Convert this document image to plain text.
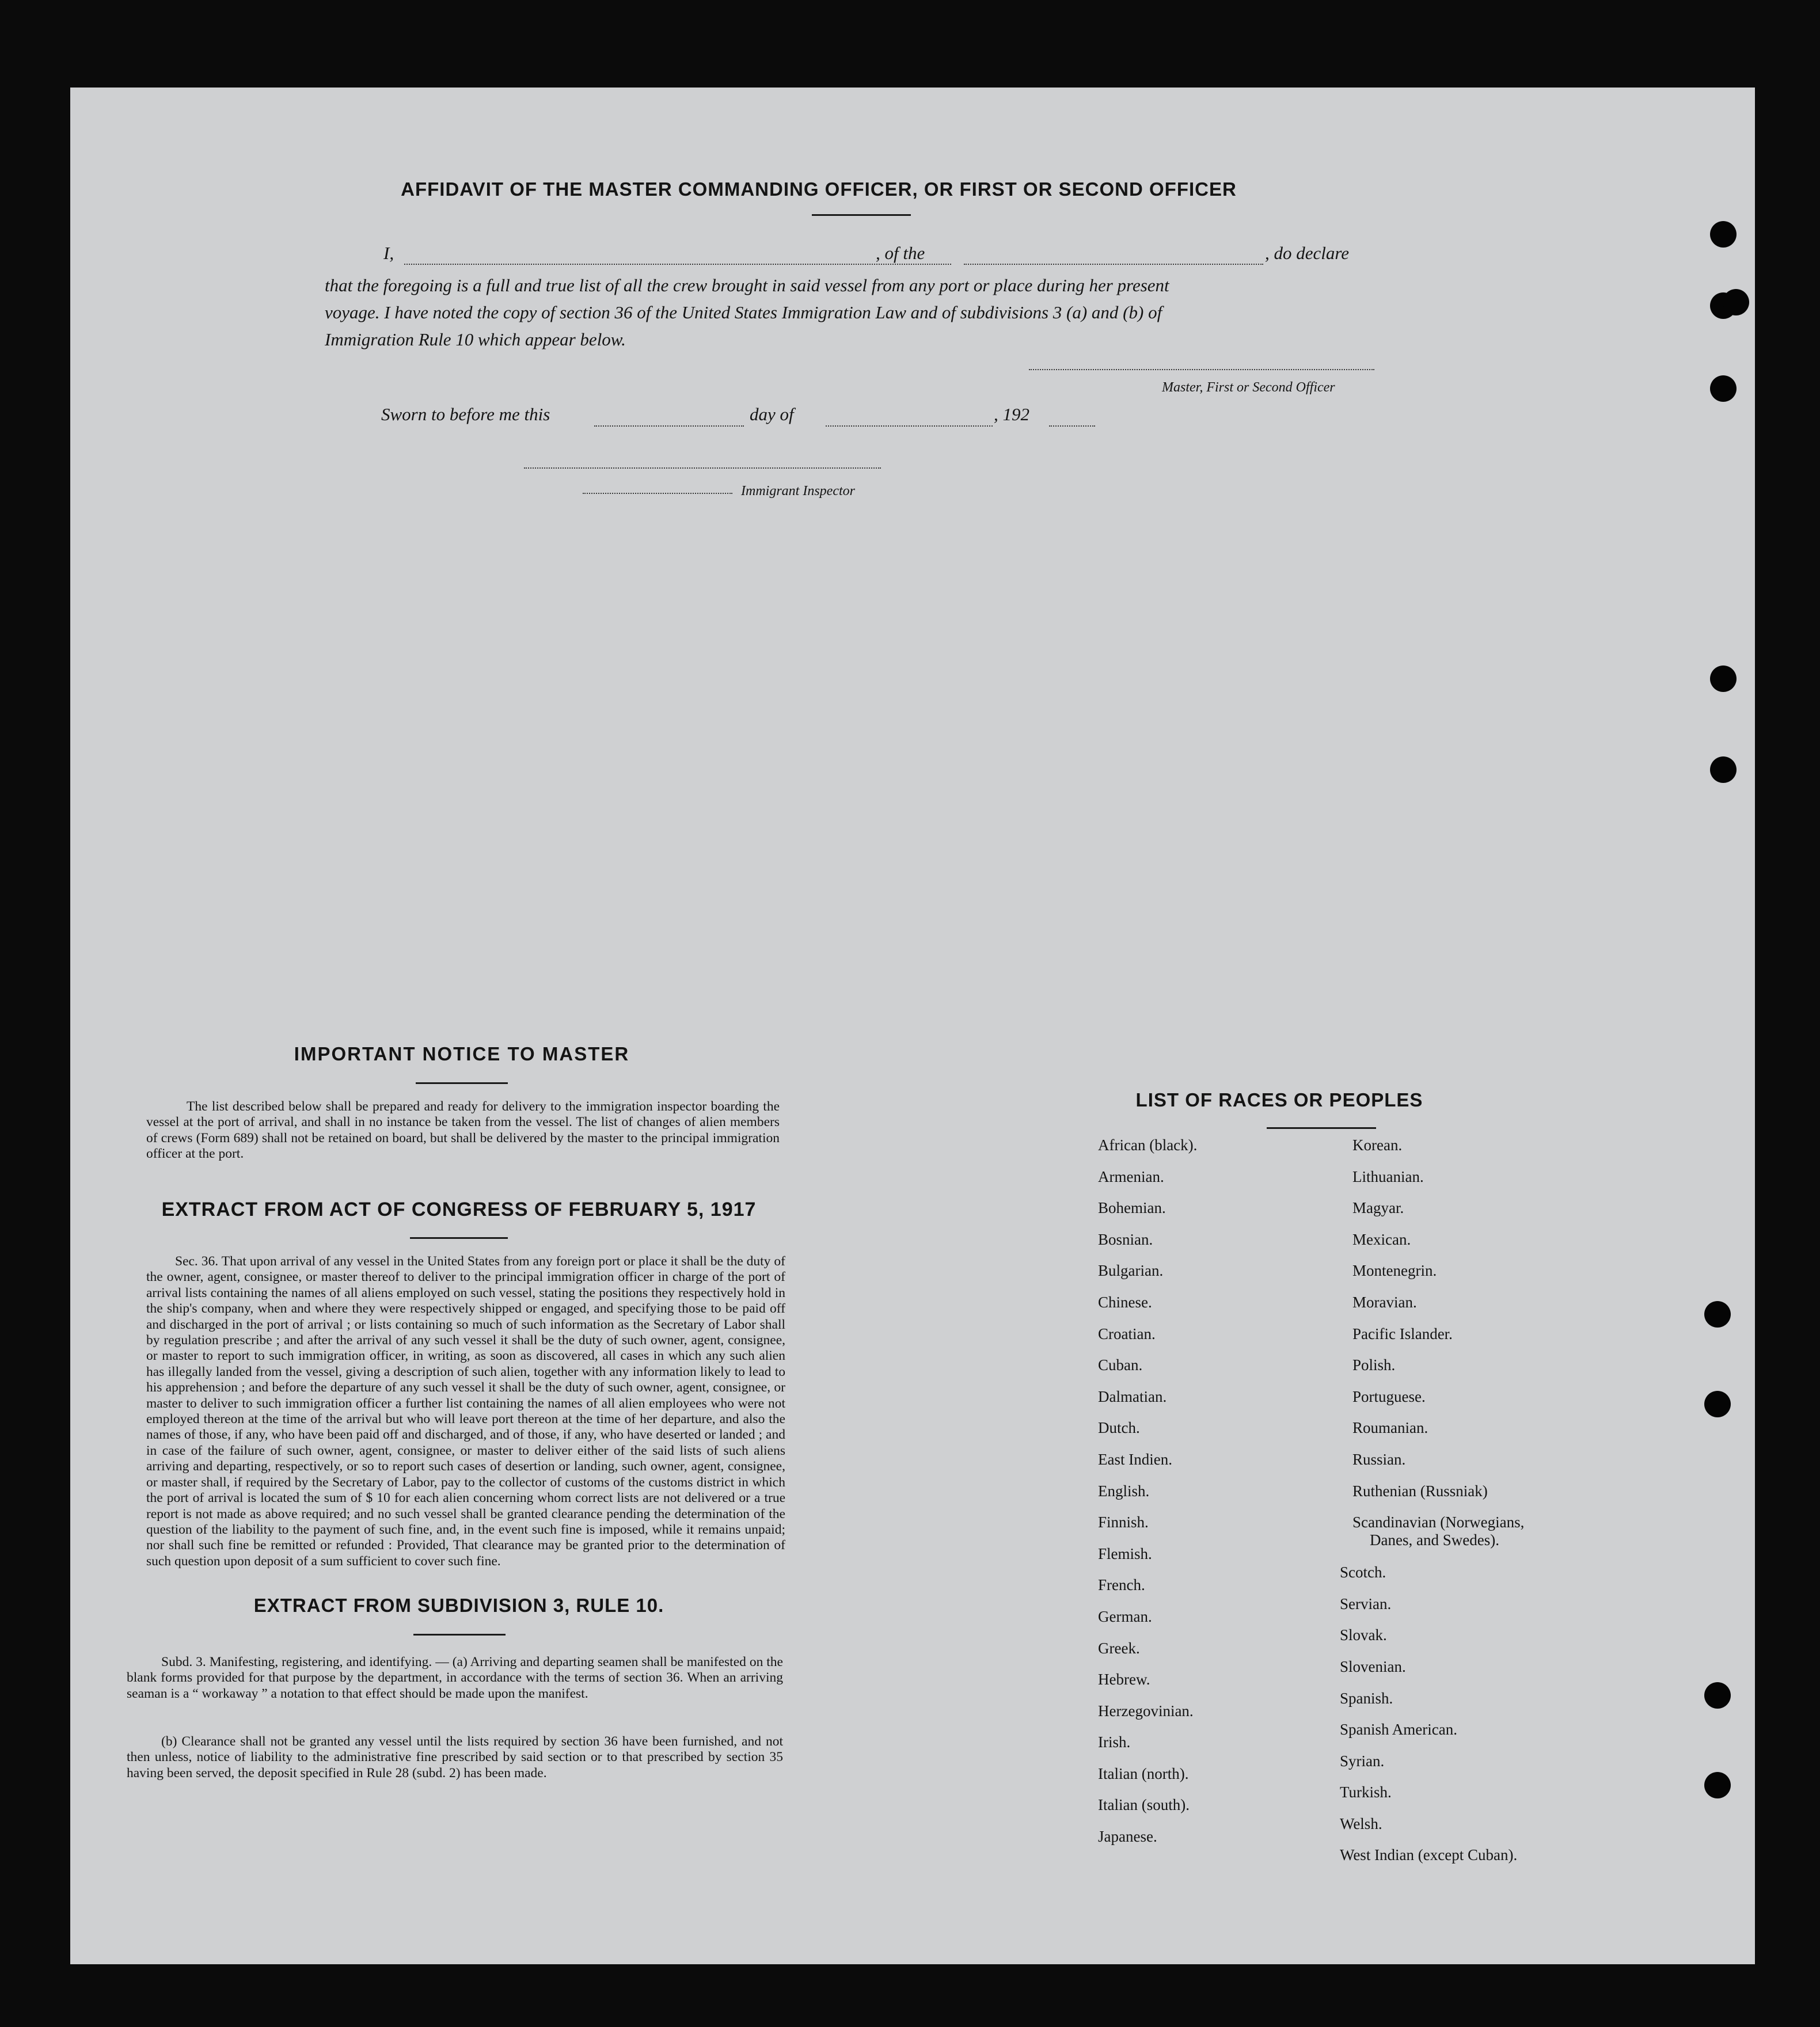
AFFIDAVIT OF THE MASTER COMMANDING OFFICER, OR FIRST OR SECOND OFFICER
I,	, of the	, do declare
that the foregoing is a full and true list of all the crew brought in said vessel from any port or place during her present
voyage. I have noted the copy of section 36 of the United States Immigration Law and of subdivisions 3 (a) and (b) of
Immigration Rule 10 which appear below.
Master, First or Second Officer
Sworn to before me this	day of	, 192
Immigrant Inspector
IMPORTANT NOTICE TO MASTER
The list described below shall be prepared and ready for delivery to the immigration inspector boarding the vessel at the port of arrival, and shall in no instance be taken from the vessel. The list of changes of alien members of crews (Form 689) shall not be retained on board, but shall be delivered by the master to the principal immigration officer at the port.
EXTRACT FROM ACT OF CONGRESS OF FEBRUARY 5, 1917
Sec. 36. That upon arrival of any vessel in the United States from any foreign port or place it shall be the duty of the owner, agent, consignee, or master thereof to deliver to the principal immigration officer in charge of the port of arrival lists containing the names of all aliens employed on such vessel, stating the positions they respectively hold in the ship's company, when and where they were respectively shipped or engaged, and specifying those to be paid off and discharged in the port of arrival ; or lists containing so much of such information as the Secretary of Labor shall by regulation prescribe ; and after the arrival of any such vessel it shall be the duty of such owner, agent, consignee, or master to report to such immigration officer, in writing, as soon as discovered, all cases in which any such alien has illegally landed from the vessel, giving a description of such alien, together with any information likely to lead to his apprehension ; and before the departure of any such vessel it shall be the duty of such owner, agent, consignee, or master to deliver to such immigration officer a further list containing the names of all alien employees who were not employed thereon at the time of the arrival but who will leave port thereon at the time of her departure, and also the names of those, if any, who have been paid off and discharged, and of those, if any, who have deserted or landed ; and in case of the failure of such owner, agent, consignee, or master to deliver either of the said lists of such aliens arriving and departing, respectively, or so to report such cases of desertion or landing, such owner, agent, consignee, or master shall, if required by the Secretary of Labor, pay to the collector of customs of the customs district in which the port of arrival is located the sum of $ 10 for each alien concerning whom correct lists are not delivered or a true report is not made as above required; and no such vessel shall be granted clearance pending the determination of the question of the liability to the payment of such fine, and, in the event such fine is imposed, while it remains unpaid; nor shall such fine be remitted or refunded : Provided, That clearance may be granted prior to the determination of such question upon deposit of a sum sufficient to cover such fine.
EXTRACT FROM SUBDIVISION 3, RULE 10.
Subd. 3. Manifesting, registering, and identifying. — (a) Arriving and departing seamen shall be manifested on the blank forms provided for that purpose by the department, in accordance with the terms of section 36. When an arriving seaman is a “ workaway ” a notation to that effect should be made upon the manifest.
(b) Clearance shall not be granted any vessel until the lists required by section 36 have been furnished, and not then unless, notice of liability to the administrative fine prescribed by said section or to that prescribed by section 35 having been served, the deposit specified in Rule 28 (subd. 2) has been made.
LIST OF RACES OR PEOPLES
African (black).
Armenian.
Bohemian.
Bosnian.
Bulgarian.
Chinese.
Croatian.
Cuban.
Dalmatian.
Dutch.
East Indien.
English.
Finnish.
Flemish.
French.
German.
Greek.
Hebrew.
Herzegovinian.
Irish.
Italian (north).
Italian (south).
Japanese.
Korean.
Lithuanian.
Magyar.
Mexican.
Montenegrin.
Moravian.
Pacific Islander.
Polish.
Portuguese.
Roumanian.
Russian.
Ruthenian (Russniak)
Scandinavian (Norwegians,
Danes, and Swedes).
Scotch.
Servian.
Slovak.
Slovenian.
Spanish.
Spanish American.
Syrian.
Turkish.
Welsh.
West Indian (except Cuban).
